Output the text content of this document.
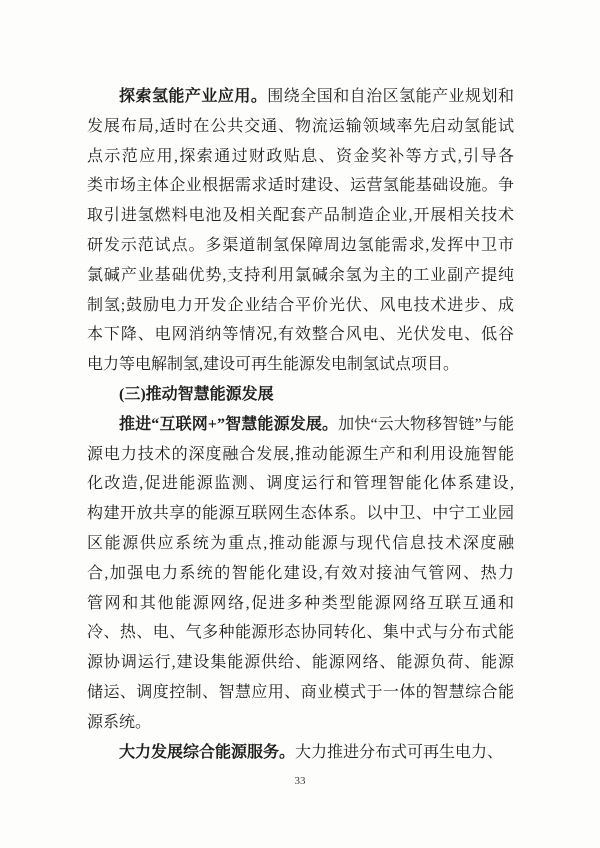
探索氢能产业应用。围绕全国和自治区氢能产业规划和
发展布局,适时在公共交通、物流运输领域率先启动氢能试
点示范应用,探索通过财政贴息、资金奖补等方式,引导各
类市场主体企业根据需求适时建设、运营氢能基础设施。争
取引进氢燃料电池及相关配套产品制造企业,开展相关技术
研发示范试点。多渠道制氢保障周边氢能需求,发挥中卫市
氯碱产业基础优势,支持利用氯碱余氢为主的工业副产提纯
制氢;鼓励电力开发企业结合平价光伏、风电技术进步、成
本下降、电网消纳等情况,有效整合风电、光伏发电、低谷
电力等电解制氢,建设可再生能源发电制氢试点项目。
(三)推动智慧能源发展
推进“互联网+”智慧能源发展。加快“云大物移智链”与能
源电力技术的深度融合发展,推动能源生产和利用设施智能
化改造,促进能源监测、调度运行和管理智能化体系建设,
构建开放共享的能源互联网生态体系。以中卫、中宁工业园
区能源供应系统为重点,推动能源与现代信息技术深度融
合,加强电力系统的智能化建设,有效对接油气管网、热力
管网和其他能源网络,促进多种类型能源网络互联互通和
冷、热、电、气多种能源形态协同转化、集中式与分布式能
源协调运行,建设集能源供给、能源网络、能源负荷、能源
储运、调度控制、智慧应用、商业模式于一体的智慧综合能
源系统。
大力发展综合能源服务。大力推进分布式可再生电力、
33
